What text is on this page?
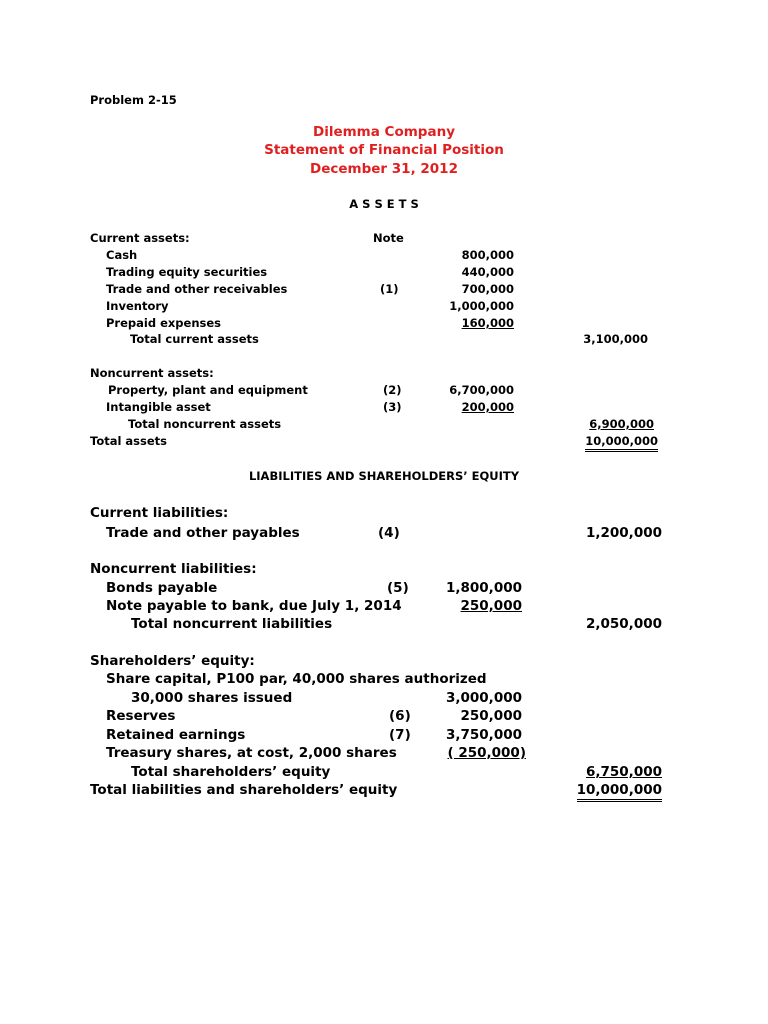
Problem 2-15
Dilemma Company
Statement of Financial Position
December 31, 2012
A S S E T S
Current assets:	Note
Cash	800,000
Trading equity securities	440,000
Trade and other receivables	(1)	700,000
Inventory	1,000,000
Prepaid expenses	160,000
Total current assets	3,100,000
Noncurrent assets:
Property, plant and equipment	(2)	6,700,000
Intangible asset	(3)	200,000
Total noncurrent assets	6,900,000
Total assets	10,000,000
LIABILITIES AND SHAREHOLDERS’ EQUITY
Current liabilities:
Trade and other payables	(4)	1,200,000
Noncurrent liabilities:
Bonds payable	(5)	1,800,000
Note payable to bank, due July 1, 2014	250,000
Total noncurrent liabilities	2,050,000
Shareholders’ equity:
Share capital, P100 par, 40,000 shares authorized
30,000 shares issued	3,000,000
Reserves	(6)	250,000
Retained earnings	(7)	3,750,000
Treasury shares, at cost, 2,000 shares	( 250,000)
Total shareholders’ equity	6,750,000
Total liabilities and shareholders’ equity	10,000,000
